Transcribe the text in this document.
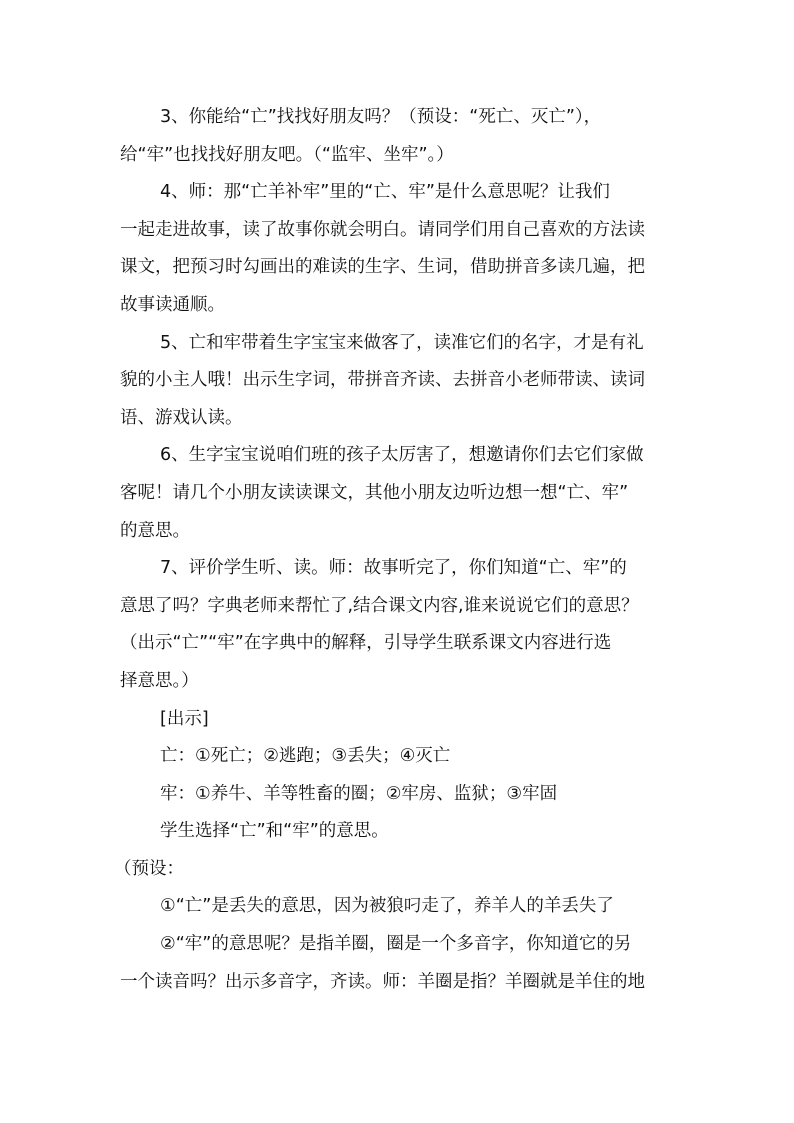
3、你能给“亡”找找好朋友吗？（预设：“死亡、灭亡”），
给“牢”也找找好朋友吧。（“监牢、坐牢”。）

4、师：那“亡羊补牢”里的“亡、牢”是什么意思呢？让我们
一起走进故事，读了故事你就会明白。请同学们用自己喜欢的方法读
课文，把预习时勾画出的难读的生字、生词，借助拼音多读几遍，把
故事读通顺。

5、亡和牢带着生字宝宝来做客了，读准它们的名字，才是有礼
貌的小主人哦！出示生字词，带拼音齐读、去拼音小老师带读、读词
语、游戏认读。

6、生字宝宝说咱们班的孩子太厉害了，想邀请你们去它们家做
客呢！请几个小朋友读读课文，其他小朋友边听边想一想“亡、牢”
的意思。

7、评价学生听、读。师：故事听完了，你们知道“亡、牢”的
意思了吗？字典老师来帮忙了,结合课文内容,谁来说说它们的意思？
（出示“亡”“牢”在字典中的解释，引导学生联系课文内容进行选
择意思。）

[出示]

亡：①死亡；②逃跑；③丢失；④灭亡
牢：①养牛、羊等牲畜的圈；②牢房、监狱；③牢固

学生选择“亡”和“牢”的意思。

（预设：

①“亡”是丢失的意思，因为被狼叼走了，养羊人的羊丢失了

②“牢”的意思呢？是指羊圈，圈是一个多音字，你知道它的另
一个读音吗？出示多音字，齐读。师：羊圈是指？羊圈就是羊住的地
